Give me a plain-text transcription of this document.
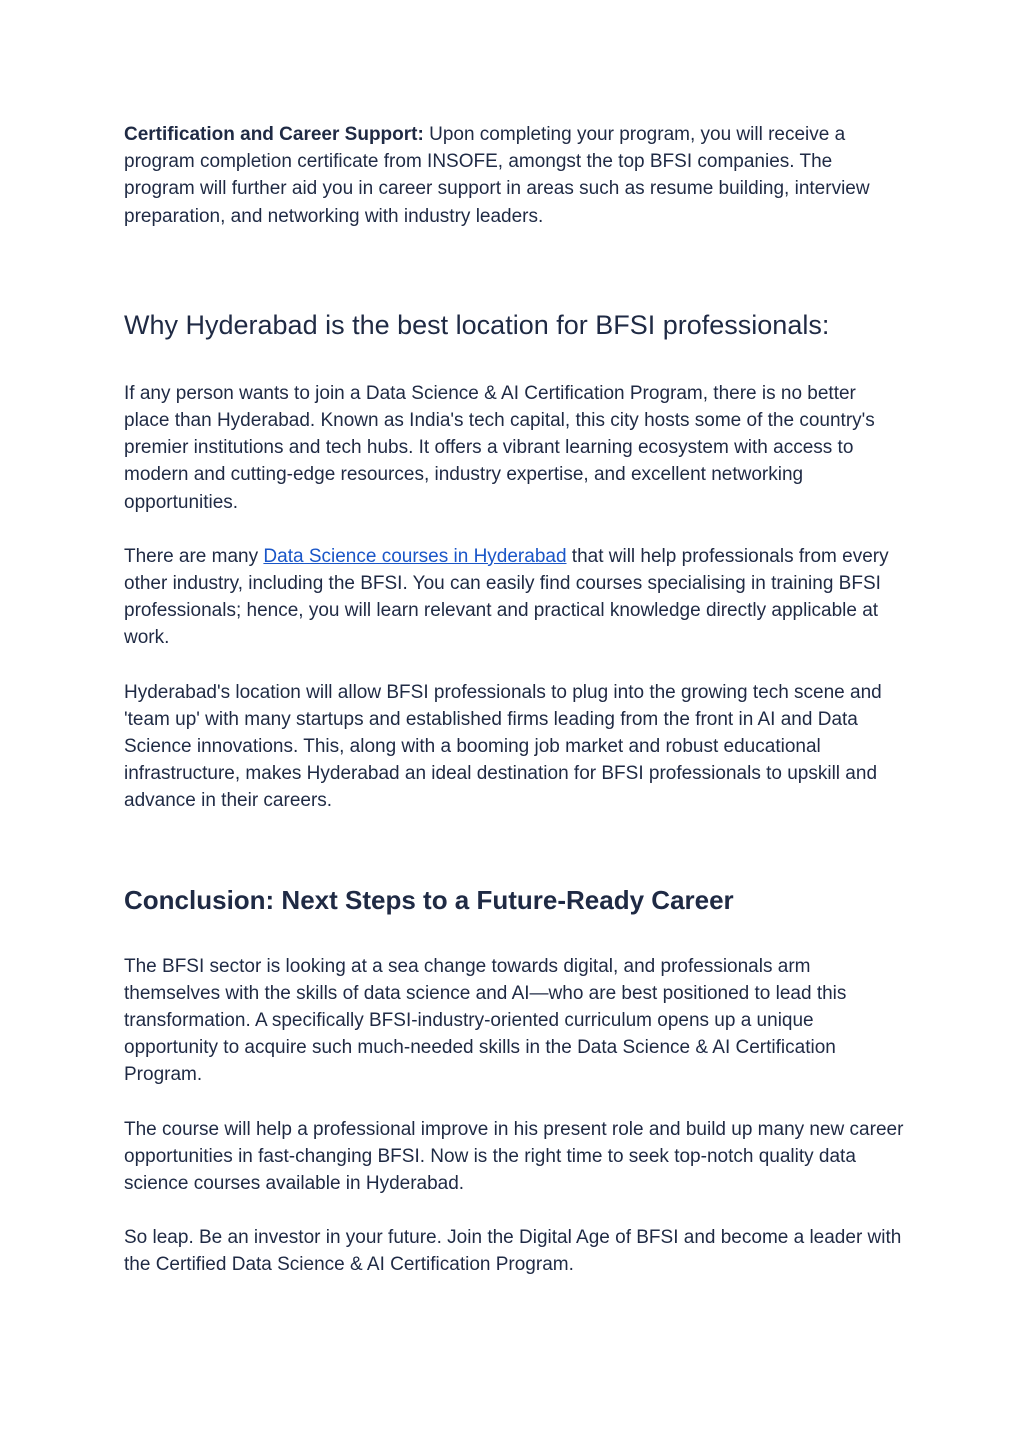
Certification and Career Support: Upon completing your program, you will receive a program completion certificate from INSOFE, amongst the top BFSI companies. The program will further aid you in career support in areas such as resume building, interview preparation, and networking with industry leaders.

Why Hyderabad is the best location for BFSI professionals:

If any person wants to join a Data Science & AI Certification Program, there is no better place than Hyderabad. Known as India's tech capital, this city hosts some of the country's premier institutions and tech hubs. It offers a vibrant learning ecosystem with access to modern and cutting-edge resources, industry expertise, and excellent networking opportunities.

There are many Data Science courses in Hyderabad that will help professionals from every other industry, including the BFSI. You can easily find courses specialising in training BFSI professionals; hence, you will learn relevant and practical knowledge directly applicable at work.

Hyderabad's location will allow BFSI professionals to plug into the growing tech scene and 'team up' with many startups and established firms leading from the front in AI and Data Science innovations. This, along with a booming job market and robust educational infrastructure, makes Hyderabad an ideal destination for BFSI professionals to upskill and advance in their careers.

Conclusion: Next Steps to a Future-Ready Career

The BFSI sector is looking at a sea change towards digital, and professionals arm themselves with the skills of data science and AI—who are best positioned to lead this transformation. A specifically BFSI-industry-oriented curriculum opens up a unique opportunity to acquire such much-needed skills in the Data Science & AI Certification Program.

The course will help a professional improve in his present role and build up many new career opportunities in fast-changing BFSI. Now is the right time to seek top-notch quality data science courses available in Hyderabad.

So leap. Be an investor in your future. Join the Digital Age of BFSI and become a leader with the Certified Data Science & AI Certification Program.
